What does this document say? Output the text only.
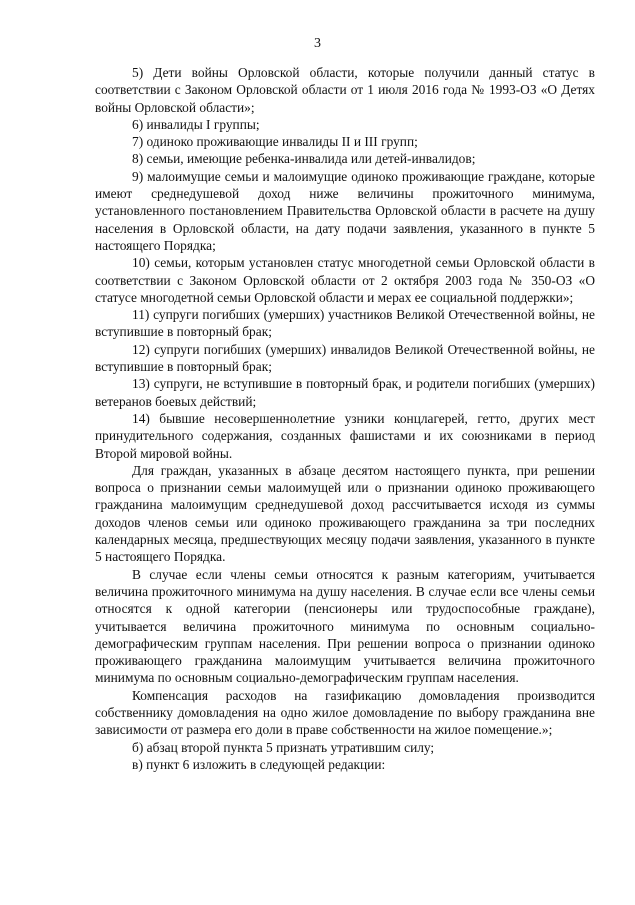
3

5) Дети войны Орловской области, которые получили данный статус в соответствии с Законом Орловской области от 1 июля 2016 года № 1993-ОЗ «О Детях войны Орловской области»;

6) инвалиды I группы;

7) одиноко проживающие инвалиды II и III групп;

8) семьи, имеющие ребенка-инвалида или детей-инвалидов;

9) малоимущие семьи и малоимущие одиноко проживающие граждане, которые имеют среднедушевой доход ниже величины прожиточного минимума, установленного постановлением Правительства Орловской области в расчете на душу населения в Орловской области, на дату подачи заявления, указанного в пункте 5 настоящего Порядка;

10) семьи, которым установлен статус многодетной семьи Орловской области в соответствии с Законом Орловской области от 2 октября 2003 года № 350-ОЗ «О статусе многодетной семьи Орловской области и мерах ее социальной поддержки»;

11) супруги погибших (умерших) участников Великой Отечественной войны, не вступившие в повторный брак;

12) супруги погибших (умерших) инвалидов Великой Отечественной войны, не вступившие в повторный брак;

13) супруги, не вступившие в повторный брак, и родители погибших (умерших) ветеранов боевых действий;

14) бывшие несовершеннолетние узники концлагерей, гетто, других мест принудительного содержания, созданных фашистами и их союзниками в период Второй мировой войны.

Для граждан, указанных в абзаце десятом настоящего пункта, при решении вопроса о признании семьи малоимущей или о признании одиноко проживающего гражданина малоимущим среднедушевой доход рассчитывается исходя из суммы доходов членов семьи или одиноко проживающего гражданина за три последних календарных месяца, предшествующих месяцу подачи заявления, указанного в пункте 5 настоящего Порядка.

В случае если члены семьи относятся к разным категориям, учитывается величина прожиточного минимума на душу населения. В случае если все члены семьи относятся к одной категории (пенсионеры или трудоспособные граждане), учитывается величина прожиточного минимума по основным социально-демографическим группам населения. При решении вопроса о признании одиноко проживающего гражданина малоимущим учитывается величина прожиточного минимума по основным социально-демографическим группам населения.

Компенсация расходов на газификацию домовладения производится собственнику домовладения на одно жилое домовладение по выбору гражданина вне зависимости от размера его доли в праве собственности на жилое помещение.»;

б) абзац второй пункта 5 признать утратившим силу;

в) пункт 6 изложить в следующей редакции:
